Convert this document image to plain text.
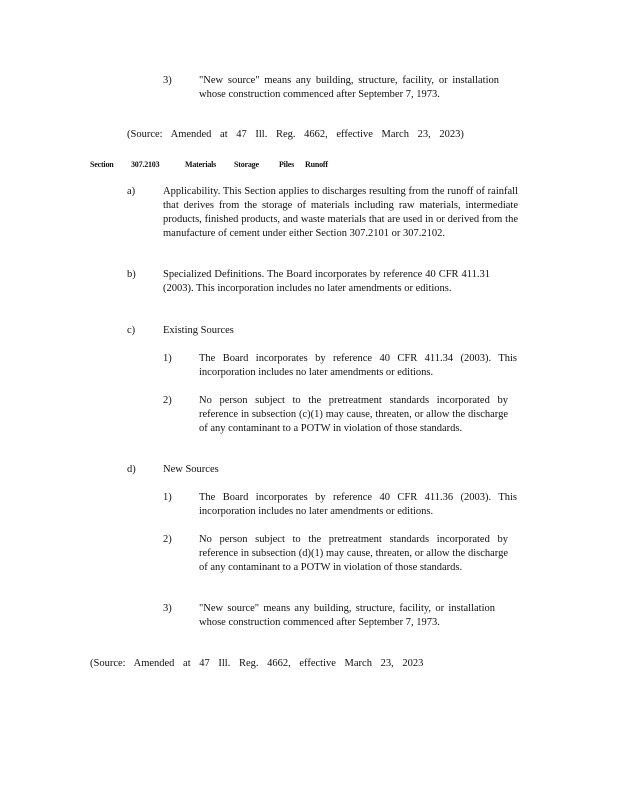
3)	"New source" means any building, structure, facility, or installation whose construction commenced after September 7, 1973.
(Source: Amended at 47 Ill. Reg. 4662, effective March 23, 2023)
Section 307.2103	Materials Storage	Piles Runoff
a)	Applicability. This Section applies to discharges resulting from the runoff of rainfall that derives from the storage of materials including raw materials, intermediate products, finished products, and waste materials that are used in or derived from the manufacture of cement under either Section 307.2101 or 307.2102.
b)	Specialized Definitions. The Board incorporates by reference 40 CFR 411.31 (2003). This incorporation includes no later amendments or editions.
c)	Existing Sources
1)	The Board incorporates by reference 40 CFR 411.34 (2003). This incorporation includes no later amendments or editions.
2)	No person subject to the pretreatment standards incorporated by reference in subsection (c)(1) may cause, threaten, or allow the discharge of any contaminant to a POTW in violation of those standards.
d)	New Sources
1)	The Board incorporates by reference 40 CFR 411.36 (2003). This incorporation includes no later amendments or editions.
2)	No person subject to the pretreatment standards incorporated by reference in subsection (d)(1) may cause, threaten, or allow the discharge of any contaminant to a POTW in violation of those standards.
3)	"New source" means any building, structure, facility, or installation whose construction commenced after September 7, 1973.
(Source: Amended at 47 Ill. Reg. 4662, effective March 23, 2023
